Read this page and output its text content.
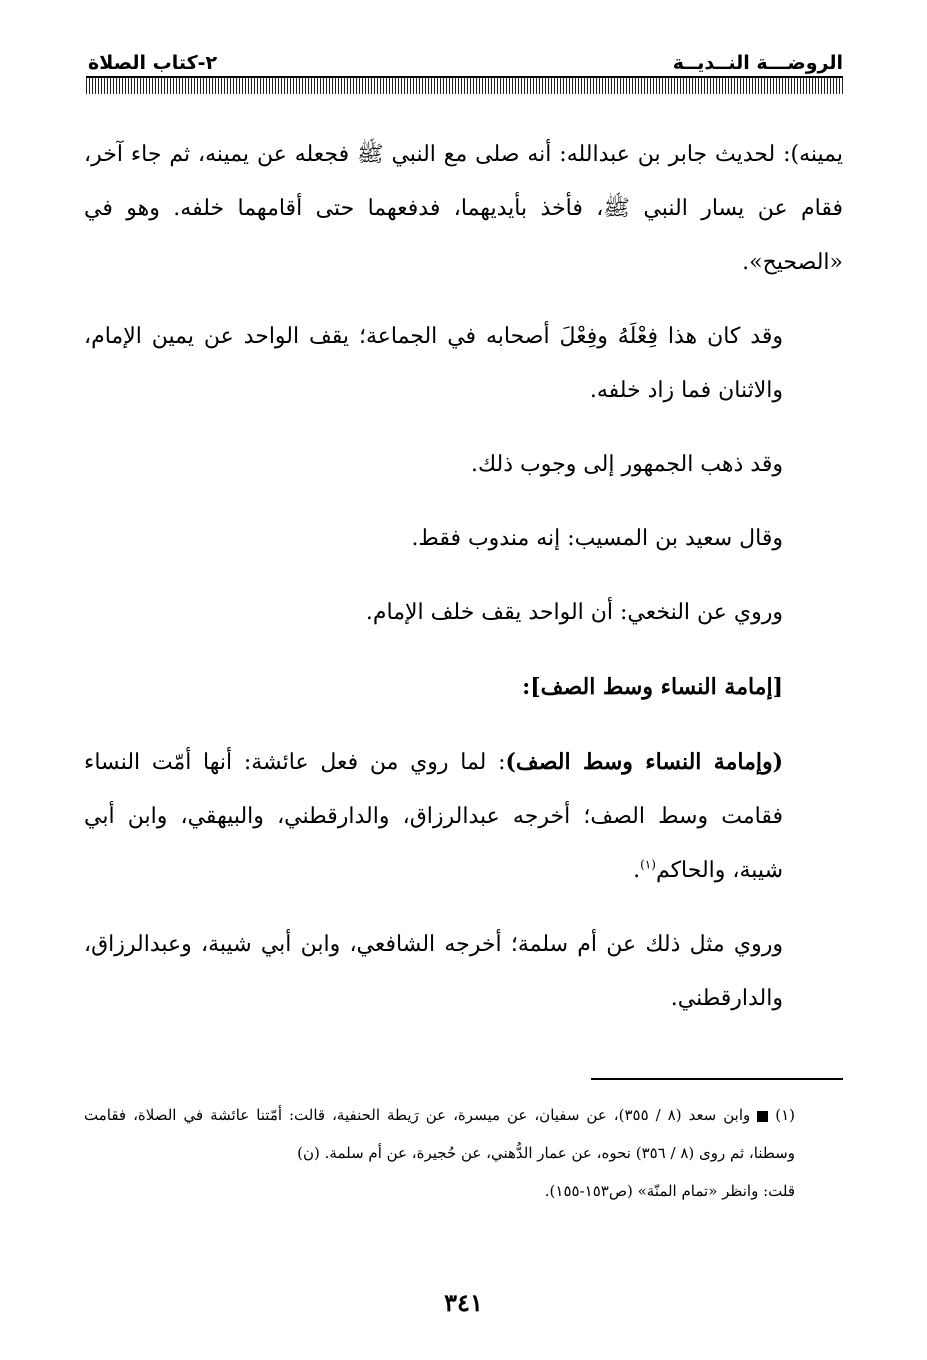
٢-كتاب الصلاة	الروضـــة النــديــة

يمينه): لحديث جابر بن عبدالله: أنه صلى مع النبي ﷺ فجعله عن يمينه، ثم جاء آخر، فقام عن يسار النبي ﷺ، فأخذ بأيديهما، فدفعهما حتى أقامهما خلفه. وهو في «الصحيح».

وقد كان هذا فِعْلَهُ وفِعْلَ أصحابه في الجماعة؛ يقف الواحد عن يمين الإمام، والاثنان فما زاد خلفه.

وقد ذهب الجمهور إلى وجوب ذلك.

وقال سعيد بن المسيب: إنه مندوب فقط.

وروي عن النخعي: أن الواحد يقف خلف الإمام.

[إمامة النساء وسط الصف]:

(وإمامة النساء وسط الصف): لما روي من فعل عائشة: أنها أمّت النساء فقامت وسط الصف؛ أخرجه عبدالرزاق، والدارقطني، والبيهقي، وابن أبي شيبة، والحاكم$^{(١)}$.

وروي مثل ذلك عن أم سلمة؛ أخرجه الشافعي، وابن أبي شيبة، وعبدالرزاق، والدارقطني.

(١)  وابن سعد (٨ / ٣٥٥)، عن سفيان، عن ميسرة، عن رَيطة الحنفية، قالت: أمّتنا عائشة في الصلاة، فقامت وسطنا، ثم روى (٨ / ٣٥٦) نحوه، عن عمار الدُّهني، عن حُجيرة، عن أم سلمة. (ن)

قلت: وانظر «تمام المنّة» (ص١٥٣-١٥٥).

٣٤١
